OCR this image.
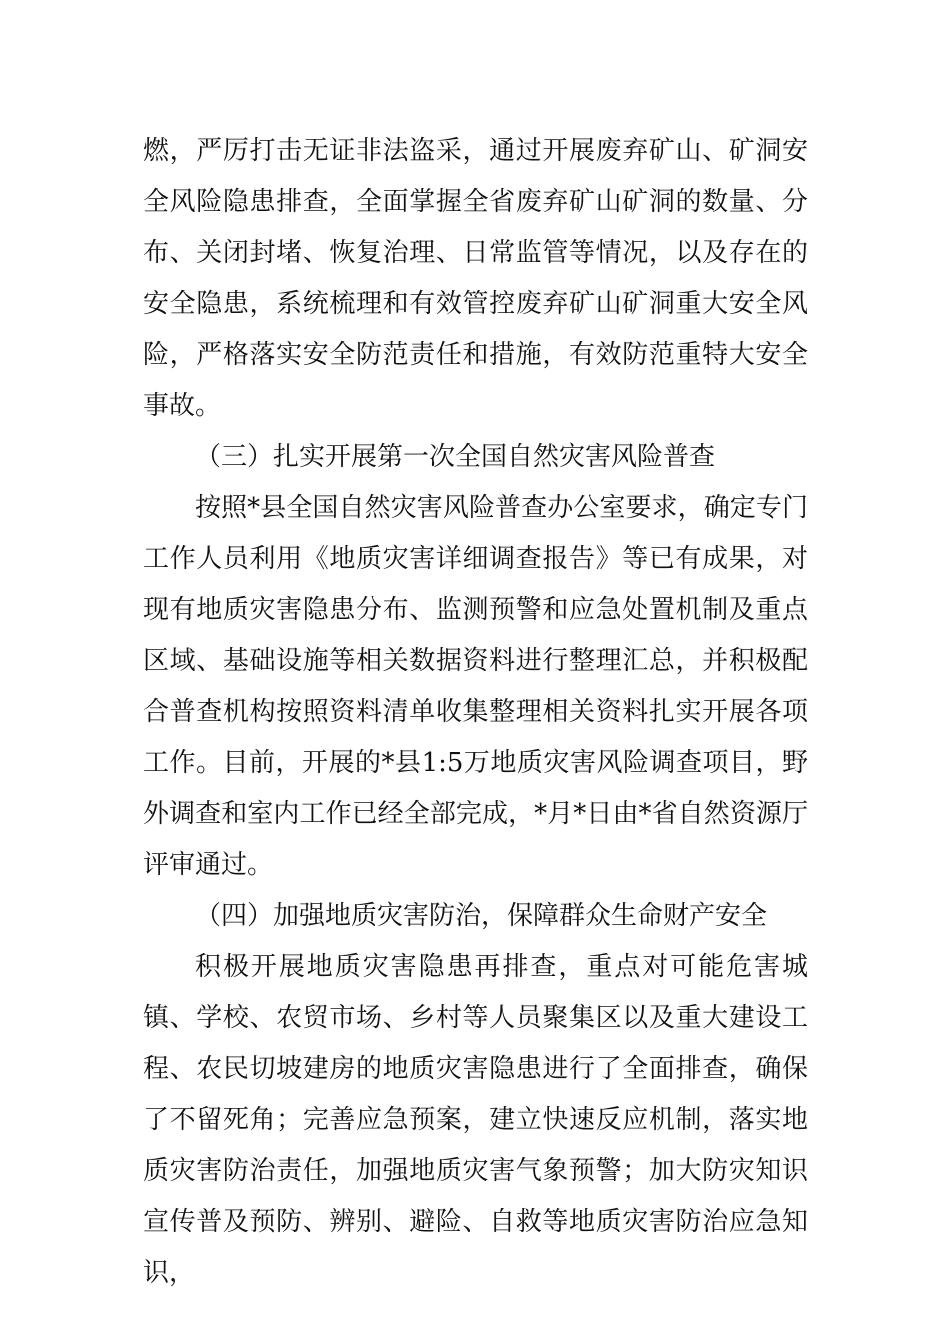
燃，严厉打击无证非法盗采，通过开展废弃矿山、矿洞安全风险隐患排查，全面掌握全省废弃矿山矿洞的数量、分布、关闭封堵、恢复治理、日常监管等情况，以及存在的安全隐患，系统梳理和有效管控废弃矿山矿洞重大安全风险，严格落实安全防范责任和措施，有效防范重特大安全事故。

（三）扎实开展第一次全国自然灾害风险普查

按照*县全国自然灾害风险普查办公室要求，确定专门工作人员利用《地质灾害详细调查报告》等已有成果，对现有地质灾害隐患分布、监测预警和应急处置机制及重点区域、基础设施等相关数据资料进行整理汇总，并积极配合普查机构按照资料清单收集整理相关资料扎实开展各项工作。目前，开展的*县1:5万地质灾害风险调查项目，野外调查和室内工作已经全部完成，*月*日由*省自然资源厅评审通过。

（四）加强地质灾害防治，保障群众生命财产安全

积极开展地质灾害隐患再排查，重点对可能危害城镇、学校、农贸市场、乡村等人员聚集区以及重大建设工程、农民切坡建房的地质灾害隐患进行了全面排查，确保了不留死角；完善应急预案，建立快速反应机制，落实地质灾害防治责任，加强地质灾害气象预警；加大防灾知识宣传普及预防、辨别、避险、自救等地质灾害防治应急知识，
